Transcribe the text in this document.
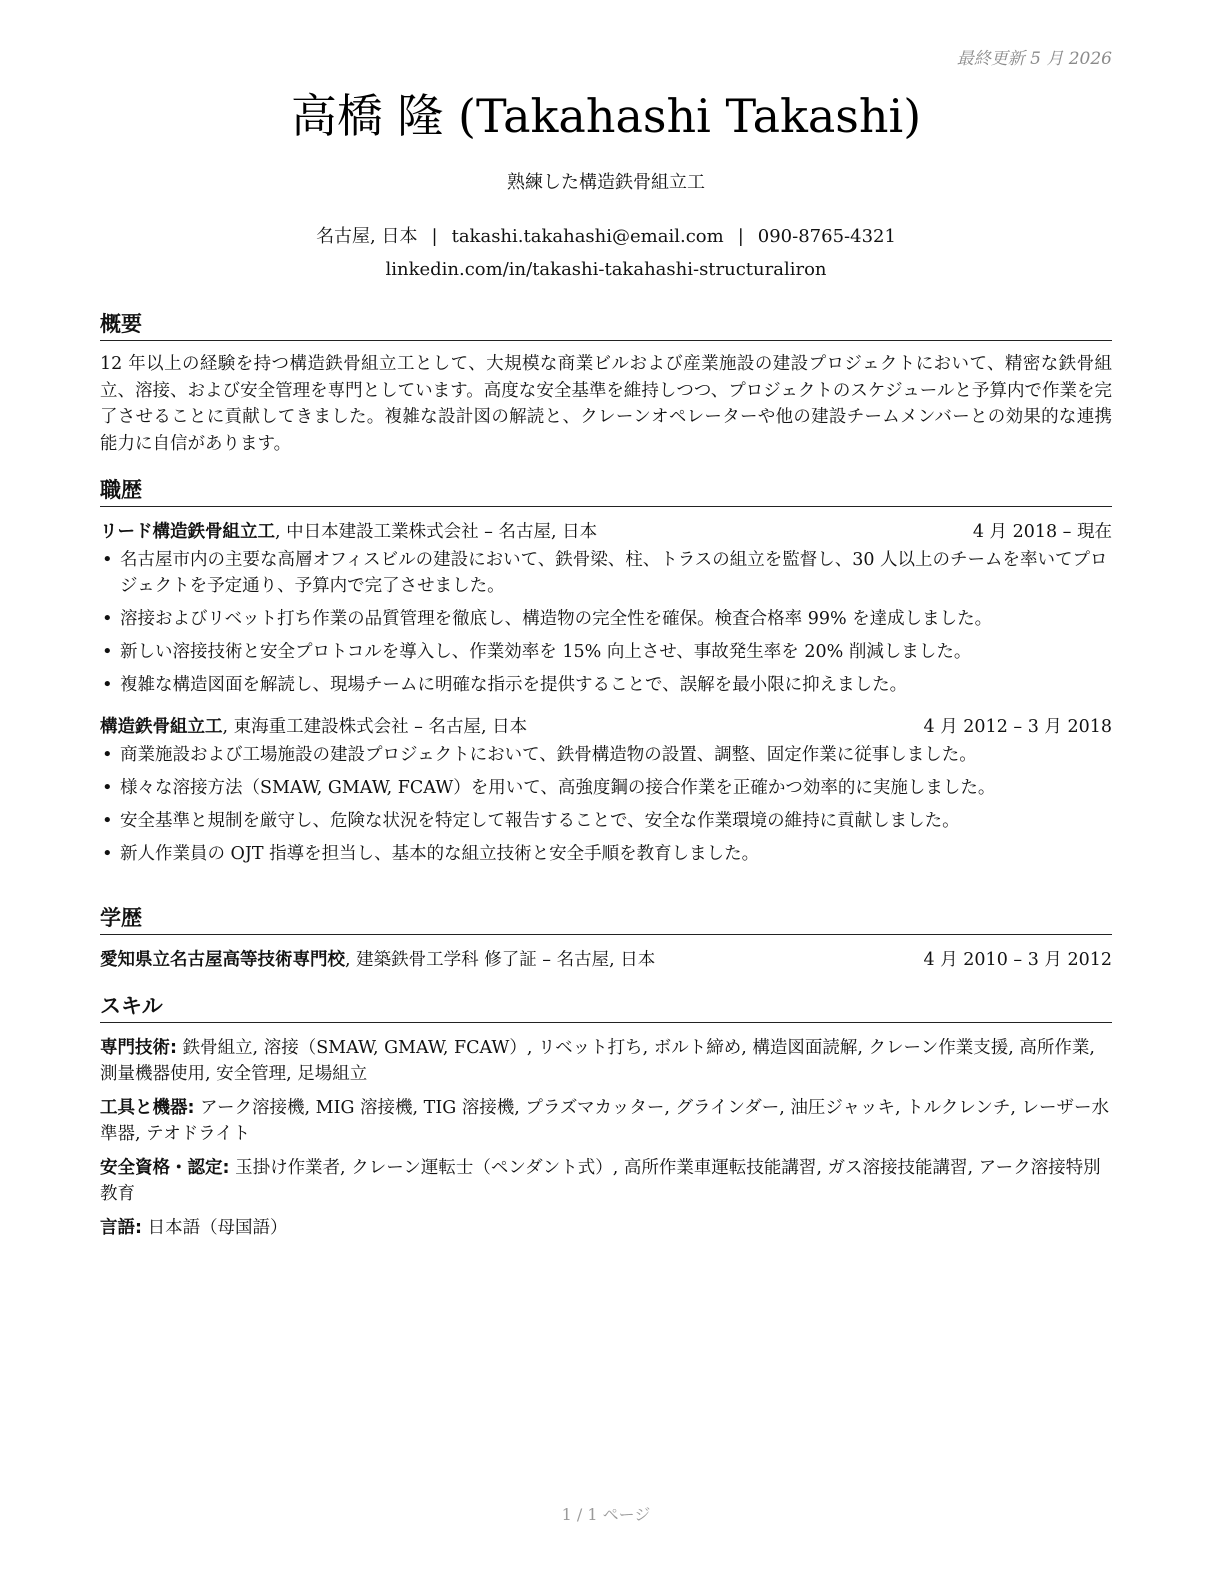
最終更新 5 月 2026
高橋 隆 (Takahashi Takashi)
熟練した構造鉄骨組立工
名古屋, 日本 | takashi.takahashi@email.com | 090-8765-4321
linkedin.com/in/takashi-takahashi-structuraliron
概要

12 年以上の経験を持つ構造鉄骨組立工として、大規模な商業ビルおよび産業施設の建設プロジェクトにおいて、精密な鉄骨組立、溶接、および安全管理を専門としています。高度な安全基準を維持しつつ、プロジェクトのスケジュールと予算内で作業を完了させることに貢献してきました。複雑な設計図の解読と、クレーンオペレーターや他の建設チームメンバーとの効果的な連携能力に自信があります。

職歴
リード構造鉄骨組立工, 中日本建設工業株式会社 – 名古屋, 日本	4 月 2018 – 現在
• 名古屋市内の主要な高層オフィスビルの建設において、鉄骨梁、柱、トラスの組立を監督し、30 人以上のチームを率いてプロジェクトを予定通り、予算内で完了させました。
• 溶接およびリベット打ち作業の品質管理を徹底し、構造物の完全性を確保。検査合格率 99% を達成しました。
• 新しい溶接技術と安全プロトコルを導入し、作業効率を 15% 向上させ、事故発生率を 20% 削減しました。
• 複雑な構造図面を解読し、現場チームに明確な指示を提供することで、誤解を最小限に抑えました。
構造鉄骨組立工, 東海重工建設株式会社 – 名古屋, 日本	4 月 2012 – 3 月 2018
• 商業施設および工場施設の建設プロジェクトにおいて、鉄骨構造物の設置、調整、固定作業に従事しました。
• 様々な溶接方法（SMAW, GMAW, FCAW）を用いて、高強度鋼の接合作業を正確かつ効率的に実施しました。
• 安全基準と規制を厳守し、危険な状況を特定して報告することで、安全な作業環境の維持に貢献しました。
• 新人作業員の OJT 指導を担当し、基本的な組立技術と安全手順を教育しました。
学歴
愛知県立名古屋高等技術専門校, 建築鉄骨工学科 修了証 – 名古屋, 日本	4 月 2010 – 3 月 2012
スキル

専門技術: 鉄骨組立, 溶接（SMAW, GMAW, FCAW）, リベット打ち, ボルト締め, 構造図面読解, クレーン作業支援, 高所作業, 測量機器使用, 安全管理, 足場組立

工具と機器: アーク溶接機, MIG 溶接機, TIG 溶接機, プラズマカッター, グラインダー, 油圧ジャッキ, トルクレンチ, レーザー水準器, テオドライト

安全資格・認定: 玉掛け作業者, クレーン運転士（ペンダント式）, 高所作業車運転技能講習, ガス溶接技能講習, アーク溶接特別教育

言語: 日本語（母国語）

1 / 1 ページ
